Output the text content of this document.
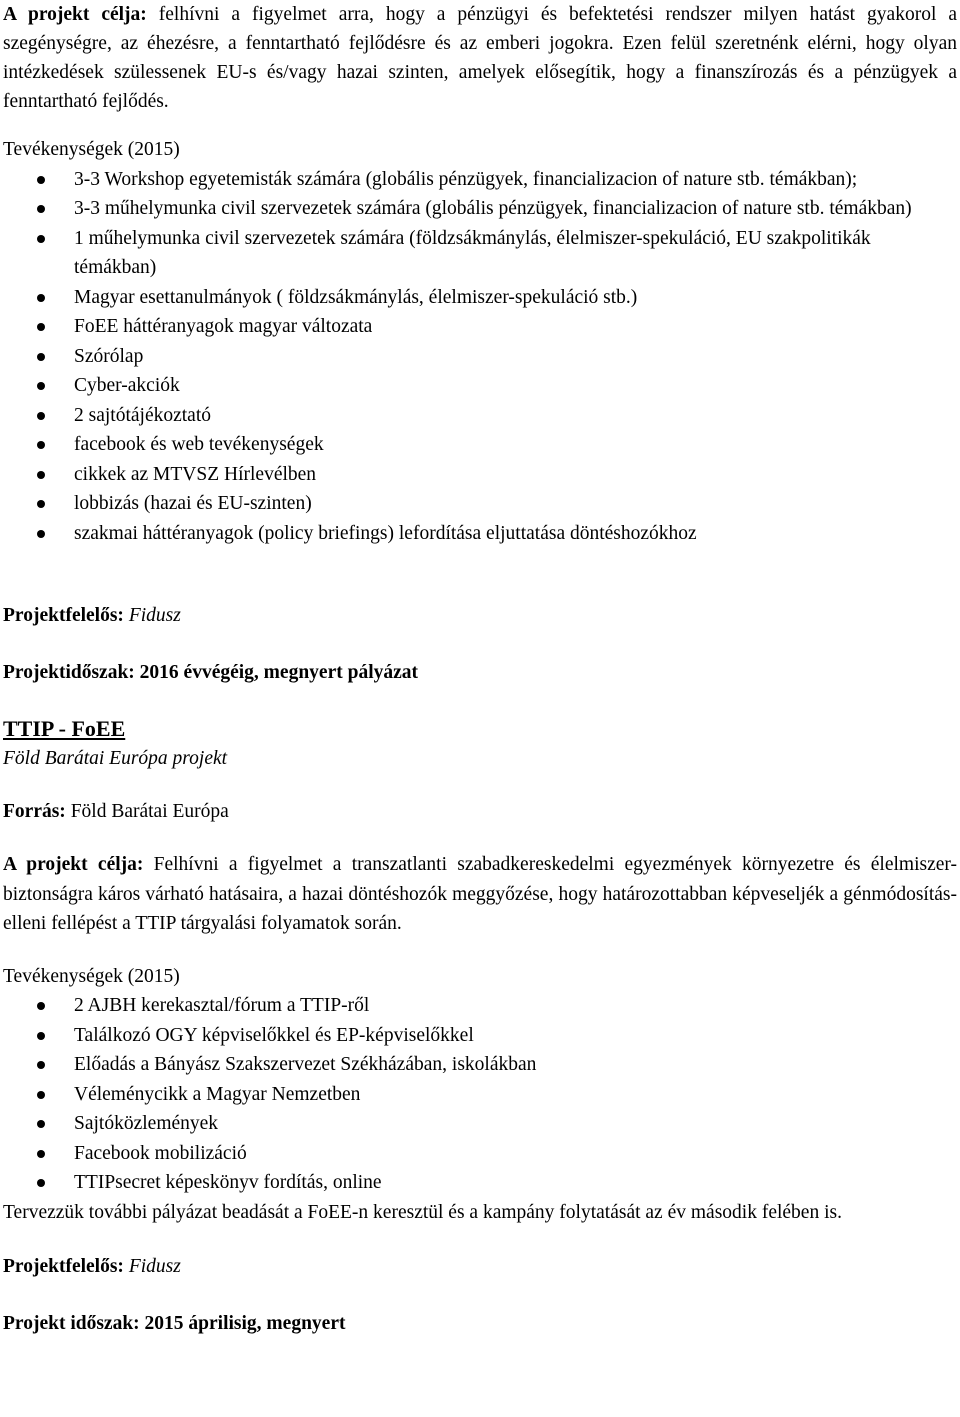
A projekt célja: felhívni a figyelmet arra, hogy a pénzügyi és befektetési rendszer milyen hatást gyakorol a szegénységre, az éhezésre, a fenntartható fejlődésre és az emberi jogokra. Ezen felül szeretnénk elérni, hogy olyan intézkedések szülessenek EU-s és/vagy hazai szinten, amelyek elősegítik, hogy a finanszírozás és a pénzügyek a fenntartható fejlődés.

Tevékenységek (2015)

3-3 Workshop egyetemisták számára (globális pénzügyek, financializacion of nature stb. témákban);
3-3 műhelymunka civil szervezetek számára (globális pénzügyek, financializacion of nature stb. témákban)
1 műhelymunka civil szervezetek számára (földzsákmánylás, élelmiszer-spekuláció, EU szakpolitikák témákban)
Magyar esettanulmányok ( földzsákmánylás, élelmiszer-spekuláció stb.)
FoEE háttéranyagok magyar változata
Szórólap
Cyber-akciók
2 sajtótájékoztató
facebook és web tevékenységek
cikkek az MTVSZ Hírlevélben
lobbizás (hazai és EU-szinten)
szakmai háttéranyagok (policy briefings) lefordítása eljuttatása döntéshozókhoz

Projektfelelős: Fidusz

Projektidőszak: 2016 évvégéig, megnyert pályázat

TTIP - FoEE

Föld Barátai Európa projekt

Forrás: Föld Barátai Európa

A projekt célja: Felhívni a figyelmet a transzatlanti szabadkereskedelmi egyezmények környezetre és élelmiszer-biztonságra káros várható hatásaira, a hazai döntéshozók meggyőzése, hogy határozottabban képveseljék a génmódosítás-elleni fellépést a TTIP tárgyalási folyamatok során.

Tevékenységek (2015)

2 AJBH kerekasztal/fórum a TTIP-ről
Találkozó OGY képviselőkkel és EP-képviselőkkel
Előadás a Bányász Szakszervezet Székházában, iskolákban
Véleménycikk a Magyar Nemzetben
Sajtóközlemények
Facebook mobilizáció
TTIPsecret képeskönyv fordítás, online

Tervezzük további pályázat beadását a FoEE-n keresztül és a kampány folytatását az év második felében is.

Projektfelelős: Fidusz

Projekt időszak: 2015 áprilisig, megnyert
